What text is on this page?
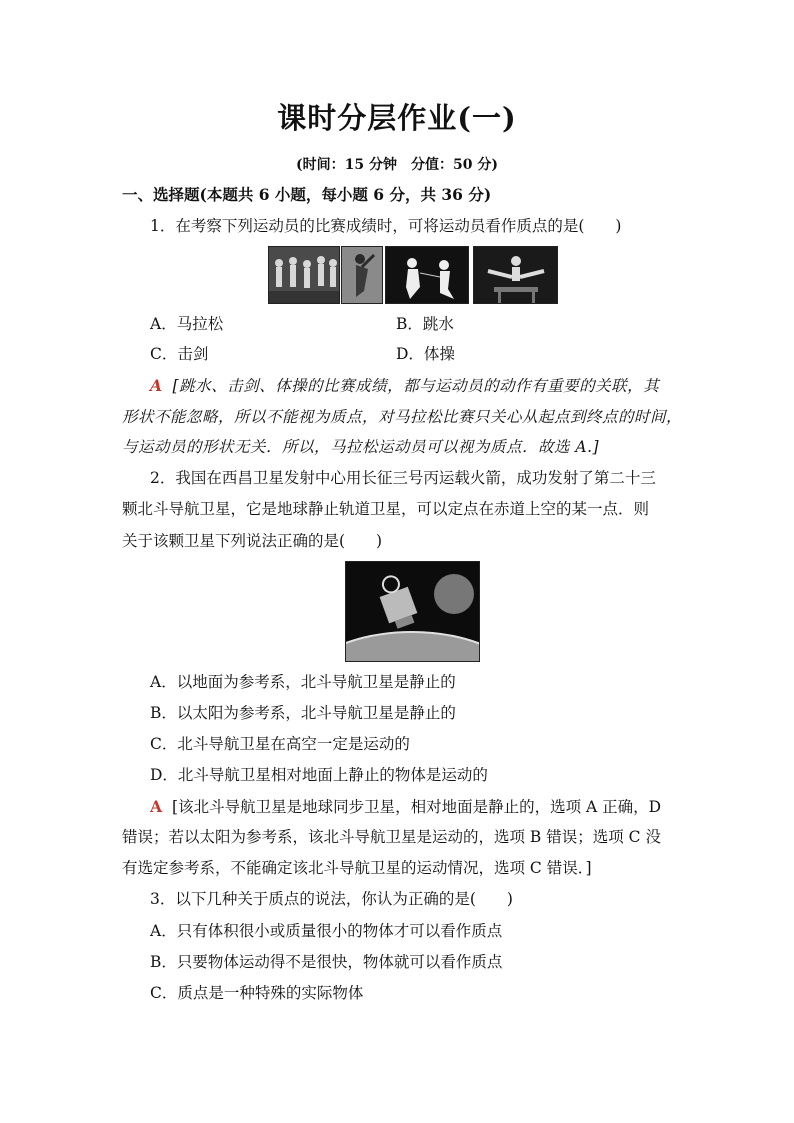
课时分层作业(一)
(时间：15 分钟　分值：50 分)
一、选择题(本题共 6 小题，每小题 6 分，共 36 分)
1．在考察下列运动员的比赛成绩时，可将运动员看作质点的是(　　)
A．马拉松	B．跳水
C．击剑	D．体操
A [跳水、击剑、体操的比赛成绩，都与运动员的动作有重要的关联，其
形状不能忽略，所以不能视为质点，对马拉松比赛只关心从起点到终点的时间，
与运动员的形状无关．所以，马拉松运动员可以视为质点．故选 A.]
2．我国在西昌卫星发射中心用长征三号丙运载火箭，成功发射了第二十三
颗北斗导航卫星，它是地球静止轨道卫星，可以定点在赤道上空的某一点．则
关于该颗卫星下列说法正确的是(　　)
A．以地面为参考系，北斗导航卫星是静止的
B．以太阳为参考系，北斗导航卫星是静止的
C．北斗导航卫星在高空一定是运动的
D．北斗导航卫星相对地面上静止的物体是运动的
A [该北斗导航卫星是地球同步卫星，相对地面是静止的，选项 A 正确，D
错误；若以太阳为参考系，该北斗导航卫星是运动的，选项 B 错误；选项 C 没
有选定参考系，不能确定该北斗导航卫星的运动情况，选项 C 错误．]
3．以下几种关于质点的说法，你认为正确的是(　　)
A．只有体积很小或质量很小的物体才可以看作质点
B．只要物体运动得不是很快，物体就可以看作质点
C．质点是一种特殊的实际物体
